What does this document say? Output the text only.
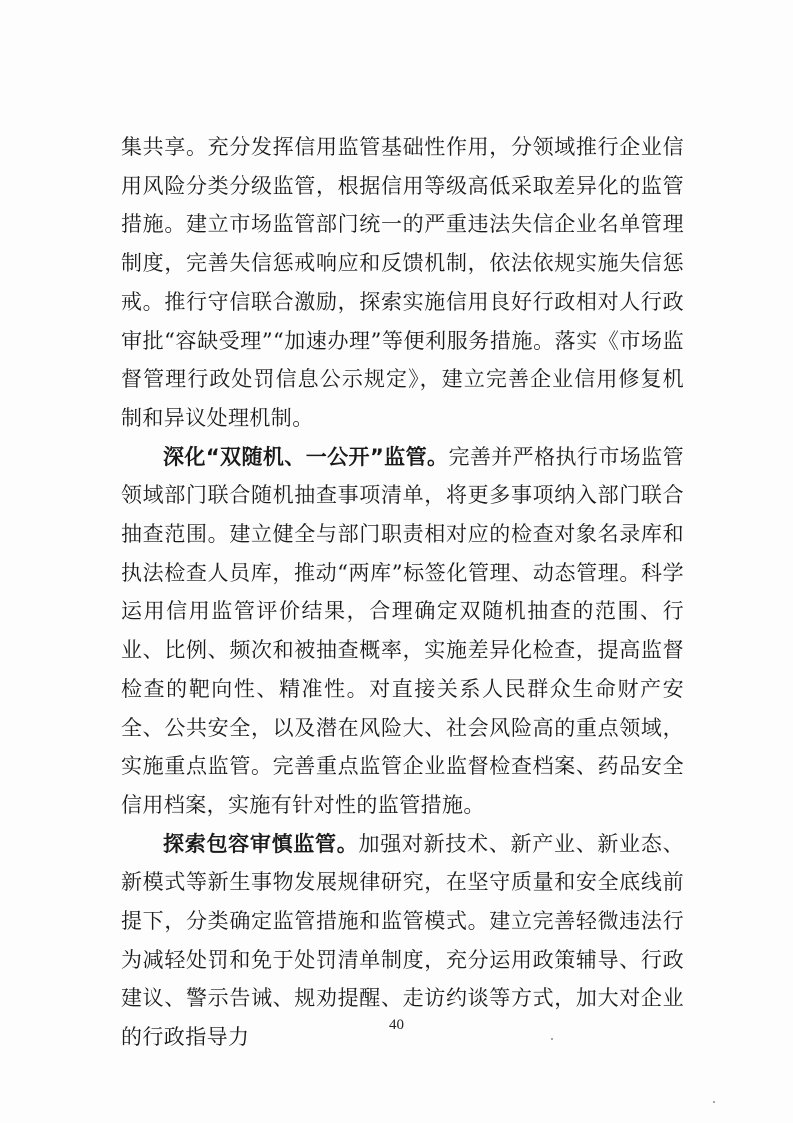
集共享。充分发挥信用监管基础性作用，分领域推行企业信用风险分类分级监管，根据信用等级高低采取差异化的监管措施。建立市场监管部门统一的严重违法失信企业名单管理制度，完善失信惩戒响应和反馈机制，依法依规实施失信惩戒。推行守信联合激励，探索实施信用良好行政相对人行政审批“容缺受理”“加速办理”等便利服务措施。落实《市场监督管理行政处罚信息公示规定》，建立完善企业信用修复机制和异议处理机制。

深化“双随机、一公开”监管。完善并严格执行市场监管领域部门联合随机抽查事项清单，将更多事项纳入部门联合抽查范围。建立健全与部门职责相对应的检查对象名录库和执法检查人员库，推动“两库”标签化管理、动态管理。科学运用信用监管评价结果，合理确定双随机抽查的范围、行业、比例、频次和被抽查概率，实施差异化检查，提高监督检查的靶向性、精准性。对直接关系人民群众生命财产安全、公共安全，以及潜在风险大、社会风险高的重点领域，实施重点监管。完善重点监管企业监督检查档案、药品安全信用档案，实施有针对性的监管措施。

探索包容审慎监管。加强对新技术、新产业、新业态、新模式等新生事物发展规律研究，在坚守质量和安全底线前提下，分类确定监管措施和监管模式。建立完善轻微违法行为减轻处罚和免于处罚清单制度，充分运用政策辅导、行政建议、警示告诫、规劝提醒、走访约谈等方式，加大对企业的行政指导力

40
